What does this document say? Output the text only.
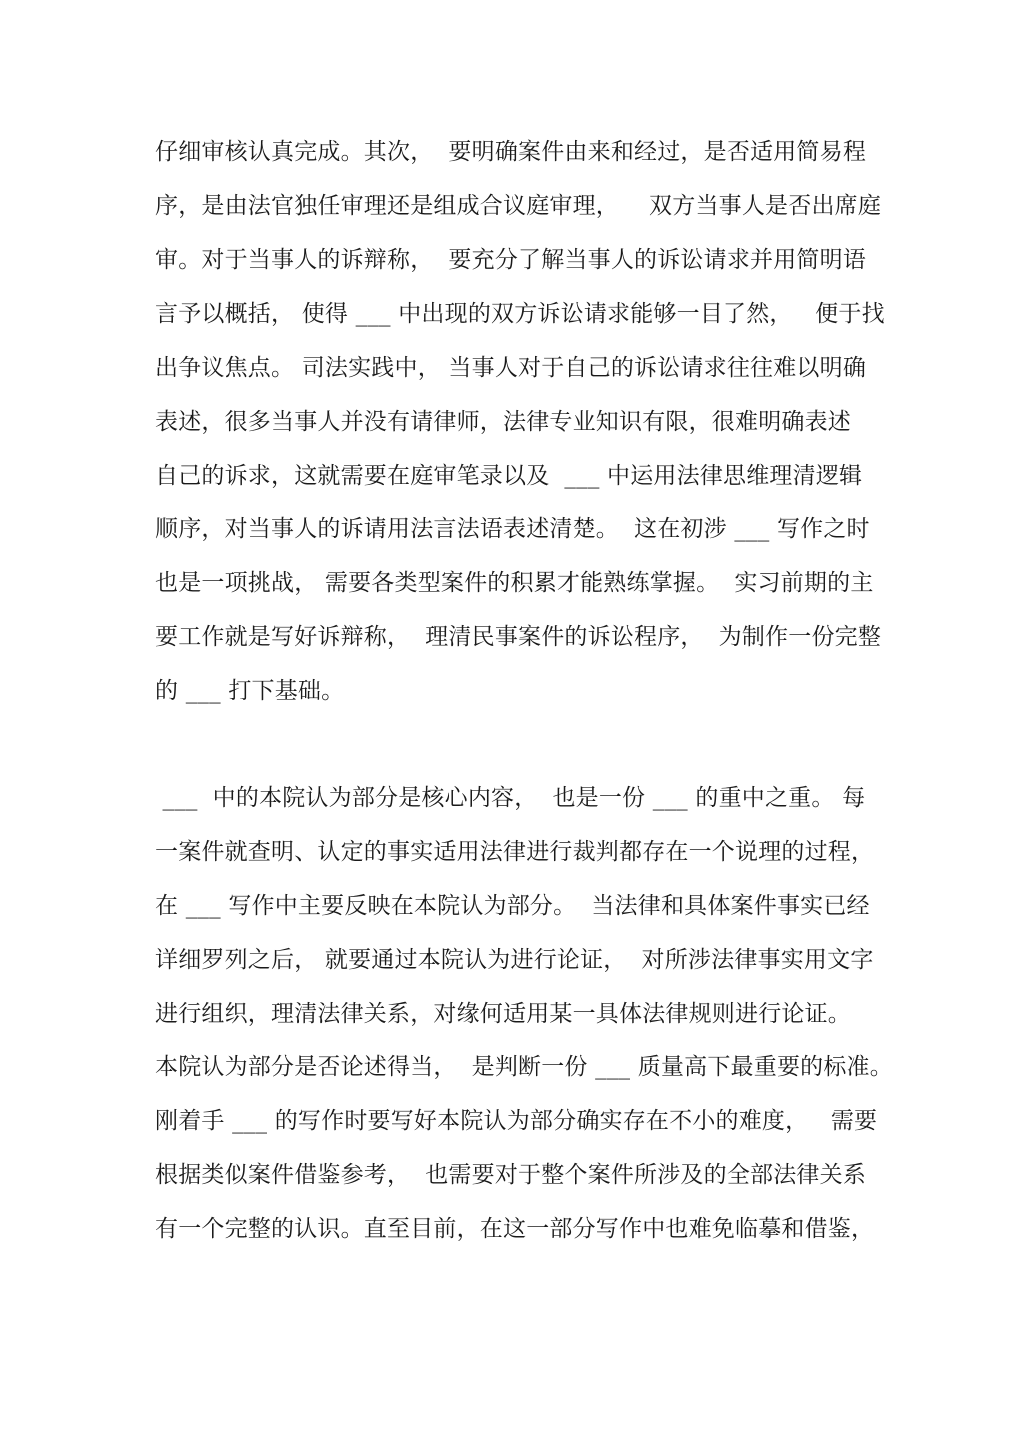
仔细审核认真完成。其次，  要明确案件由来和经过，是否适用简易程
序，是由法官独任审理还是组成合议庭审理，    双方当事人是否出席庭
审。对于当事人的诉辩称，  要充分了解当事人的诉讼请求并用简明语
言予以概括， 使得 ___ 中出现的双方诉讼请求能够一目了然，   便于找
出争议焦点。 司法实践中， 当事人对于自己的诉讼请求往往难以明确
表述，很多当事人并没有请律师，法律专业知识有限，很难明确表述
自己的诉求，这就需要在庭审笔录以及  ___ 中运用法律思维理清逻辑
顺序，对当事人的诉请用法言法语表述清楚。  这在初涉 ___ 写作之时
也是一项挑战， 需要各类型案件的积累才能熟练掌握。  实习前期的主
要工作就是写好诉辩称，  理清民事案件的诉讼程序，  为制作一份完整
的 ___ 打下基础。
___  中的本院认为部分是核心内容，  也是一份 ___ 的重中之重。 每
一案件就查明、认定的事实适用法律进行裁判都存在一个说理的过程，
在 ___ 写作中主要反映在本院认为部分。  当法律和具体案件事实已经
详细罗列之后， 就要通过本院认为进行论证，  对所涉法律事实用文字
进行组织，理清法律关系，对缘何适用某一具体法律规则进行论证。
本院认为部分是否论述得当，  是判断一份 ___ 质量高下最重要的标准。
刚着手 ___ 的写作时要写好本院认为部分确实存在不小的难度，   需要
根据类似案件借鉴参考，  也需要对于整个案件所涉及的全部法律关系
有一个完整的认识。直至目前，在这一部分写作中也难免临摹和借鉴，
